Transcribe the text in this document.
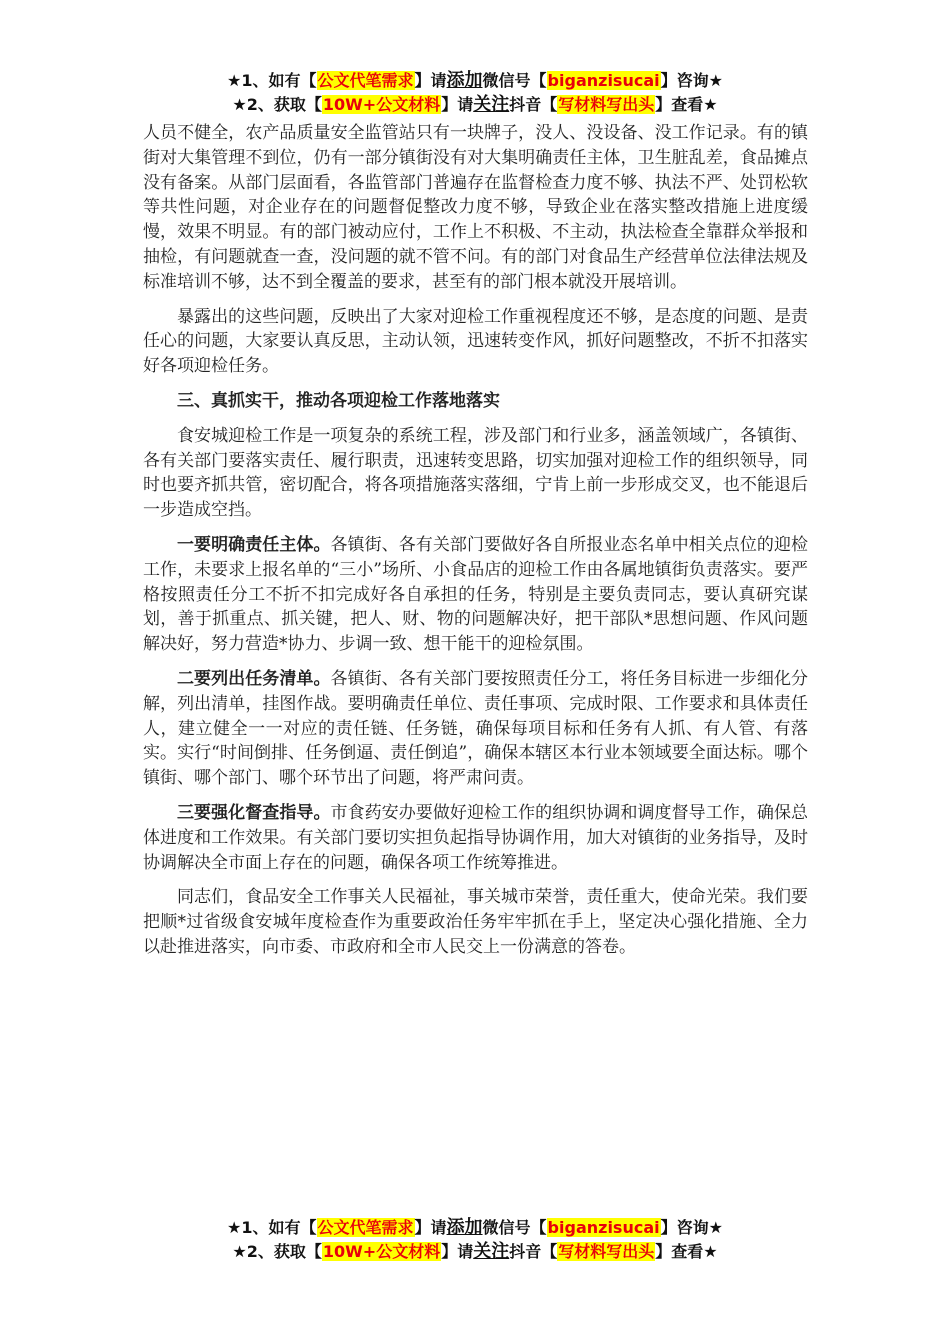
★1、如有【公文代笔需求】请添加微信号【biganzisucai】咨询★
★2、获取【10W+公文材料】请关注抖音【写材料写出头】查看★

人员不健全，农产品质量安全监管站只有一块牌子，没人、没设备、没工作记录。有的镇街对大集管理不到位，仍有一部分镇街没有对大集明确责任主体，卫生脏乱差，食品摊点没有备案。从部门层面看，各监管部门普遍存在监督检查力度不够、执法不严、处罚松软等共性问题，对企业存在的问题督促整改力度不够，导致企业在落实整改措施上进度缓慢，效果不明显。有的部门被动应付，工作上不积极、不主动，执法检查全靠群众举报和抽检，有问题就查一查，没问题的就不管不问。有的部门对食品生产经营单位法律法规及标准培训不够，达不到全覆盖的要求，甚至有的部门根本就没开展培训。

暴露出的这些问题，反映出了大家对迎检工作重视程度还不够，是态度的问题、是责任心的问题，大家要认真反思，主动认领，迅速转变作风，抓好问题整改，不折不扣落实好各项迎检任务。

三、真抓实干，推动各项迎检工作落地落实

食安城迎检工作是一项复杂的系统工程，涉及部门和行业多，涵盖领域广，各镇街、各有关部门要落实责任、履行职责，迅速转变思路，切实加强对迎检工作的组织领导，同时也要齐抓共管，密切配合，将各项措施落实落细，宁肯上前一步形成交叉，也不能退后一步造成空挡。

一要明确责任主体。各镇街、各有关部门要做好各自所报业态名单中相关点位的迎检工作，未要求上报名单的“三小”场所、小食品店的迎检工作由各属地镇街负责落实。要严格按照责任分工不折不扣完成好各自承担的任务，特别是主要负责同志，要认真研究谋划，善于抓重点、抓关键，把人、财、物的问题解决好，把干部队*思想问题、作风问题解决好，努力营造*协力、步调一致、想干能干的迎检氛围。

二要列出任务清单。各镇街、各有关部门要按照责任分工，将任务目标进一步细化分解，列出清单，挂图作战。要明确责任单位、责任事项、完成时限、工作要求和具体责任人，建立健全一一对应的责任链、任务链，确保每项目标和任务有人抓、有人管、有落实。实行“时间倒排、任务倒逼、责任倒追”，确保本辖区本行业本领域要全面达标。哪个镇街、哪个部门、哪个环节出了问题，将严肃问责。

三要强化督查指导。市食药安办要做好迎检工作的组织协调和调度督导工作，确保总体进度和工作效果。有关部门要切实担负起指导协调作用，加大对镇街的业务指导，及时协调解决全市面上存在的问题，确保各项工作统筹推进。

同志们，食品安全工作事关人民福祉，事关城市荣誉，责任重大，使命光荣。我们要把顺*过省级食安城年度检查作为重要政治任务牢牢抓在手上，坚定决心强化措施、全力以赴推进落实，向市委、市政府和全市人民交上一份满意的答卷。

★1、如有【公文代笔需求】请添加微信号【biganzisucai】咨询★
★2、获取【10W+公文材料】请关注抖音【写材料写出头】查看★
